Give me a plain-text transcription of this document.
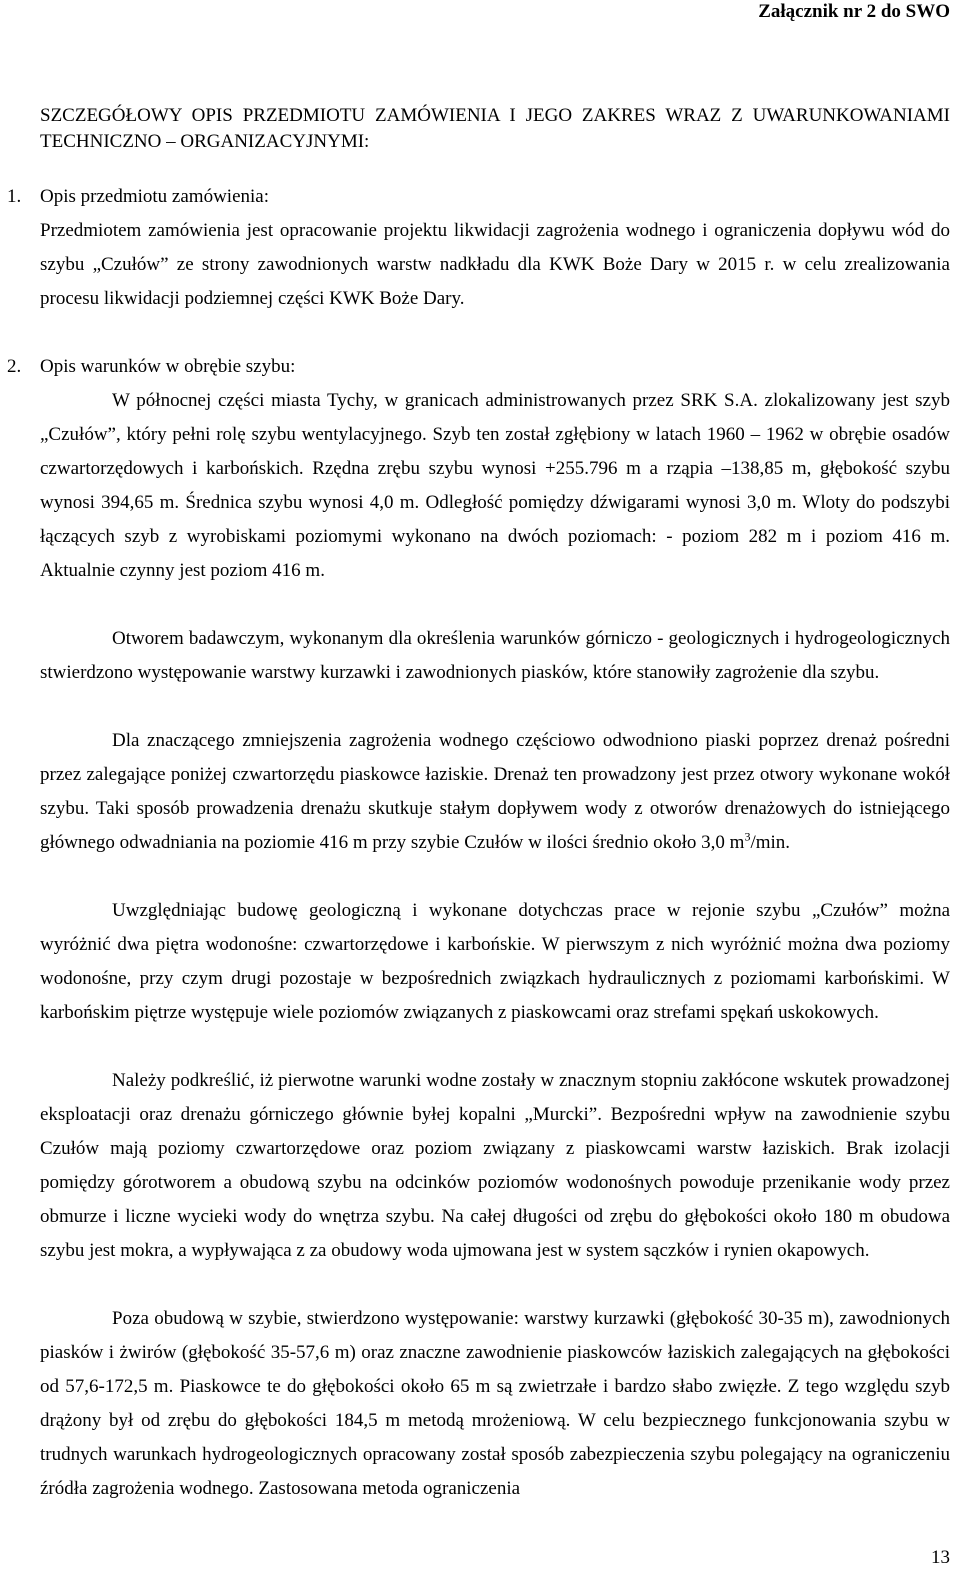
Załącznik nr 2 do SWO
SZCZEGÓŁOWY OPIS PRZEDMIOTU ZAMÓWIENIA I JEGO ZAKRES WRAZ Z UWARUNKOWANIAMI TECHNICZNO – ORGANIZACYJNYMI:
1. Opis przedmiotu zamówienia:

Przedmiotem zamówienia jest opracowanie projektu likwidacji zagrożenia wodnego i ograniczenia dopływu wód do szybu „Czułów” ze strony zawodnionych warstw nadkładu dla KWK Boże Dary w 2015 r. w celu zrealizowania procesu likwidacji podziemnej części KWK Boże Dary.

2. Opis warunków w obrębie szybu:

W północnej części miasta Tychy, w granicach administrowanych przez SRK S.A. zlokalizowany jest szyb „Czułów”, który pełni rolę szybu wentylacyjnego. Szyb ten został zgłębiony w latach 1960 – 1962 w obrębie osadów czwartorzędowych i karbońskich. Rzędna zrębu szybu wynosi +255.796 m a rząpia –138,85 m, głębokość szybu wynosi 394,65 m. Średnica szybu wynosi 4,0 m. Odległość pomiędzy dźwigarami wynosi 3,0 m. Wloty do podszybi łączących szyb z wyrobiskami poziomymi wykonano na dwóch poziomach: - poziom 282 m i poziom 416 m. Aktualnie czynny jest poziom 416 m.

Otworem badawczym, wykonanym dla określenia warunków górniczo - geologicznych i hydrogeologicznych stwierdzono występowanie warstwy kurzawki i zawodnionych piasków, które stanowiły zagrożenie dla szybu.

Dla znaczącego zmniejszenia zagrożenia wodnego częściowo odwodniono piaski poprzez drenaż pośredni przez zalegające poniżej czwartorzędu piaskowce łaziskie. Drenaż ten prowadzony jest przez otwory wykonane wokół szybu. Taki sposób prowadzenia drenażu skutkuje stałym dopływem wody z otworów drenażowych do istniejącego głównego odwadniania na poziomie 416 m przy szybie Czułów w ilości średnio około 3,0 $m^3/\min$.

Uwzględniając budowę geologiczną i wykonane dotychczas prace w rejonie szybu „Czułów” można wyróżnić dwa piętra wodonośne: czwartorzędowe i karbońskie. W pierwszym z nich wyróżnić można dwa poziomy wodonośne, przy czym drugi pozostaje w bezpośrednich związkach hydraulicznych z poziomami karbońskimi. W karbońskim piętrze występuje wiele poziomów związanych z piaskowcami oraz strefami spękań uskokowych.

Należy podkreślić, iż pierwotne warunki wodne zostały w znacznym stopniu zakłócone wskutek prowadzonej eksploatacji oraz drenażu górniczego głównie byłej kopalni „Murcki”. Bezpośredni wpływ na zawodnienie szybu Czułów mają poziomy czwartorzędowe oraz poziom związany z piaskowcami warstw łaziskich. Brak izolacji pomiędzy górotworem a obudową szybu na odcinków poziomów wodonośnych powoduje przenikanie wody przez obmurze i liczne wycieki wody do wnętrza szybu. Na całej długości od zrębu do głębokości około 180 m obudowa szybu jest mokra, a wypływająca z za obudowy woda ujmowana jest w system sączków i rynien okapowych.

Poza obudową w szybie, stwierdzono występowanie: warstwy kurzawki (głębokość 30-35 m), zawodnionych piasków i żwirów (głębokość 35-57,6 m) oraz znaczne zawodnienie piaskowców łaziskich zalegających na głębokości od 57,6-172,5 m. Piaskowce te do głębokości około 65 m są zwietrzałe i bardzo słabo zwięzłe. Z tego względu szyb drążony był od zrębu do głębokości 184,5 m metodą mrożeniową. W celu bezpiecznego funkcjonowania szybu w trudnych warunkach hydrogeologicznych opracowany został sposób zabezpieczenia szybu polegający na ograniczeniu źródła zagrożenia wodnego. Zastosowana metoda ograniczenia

13
